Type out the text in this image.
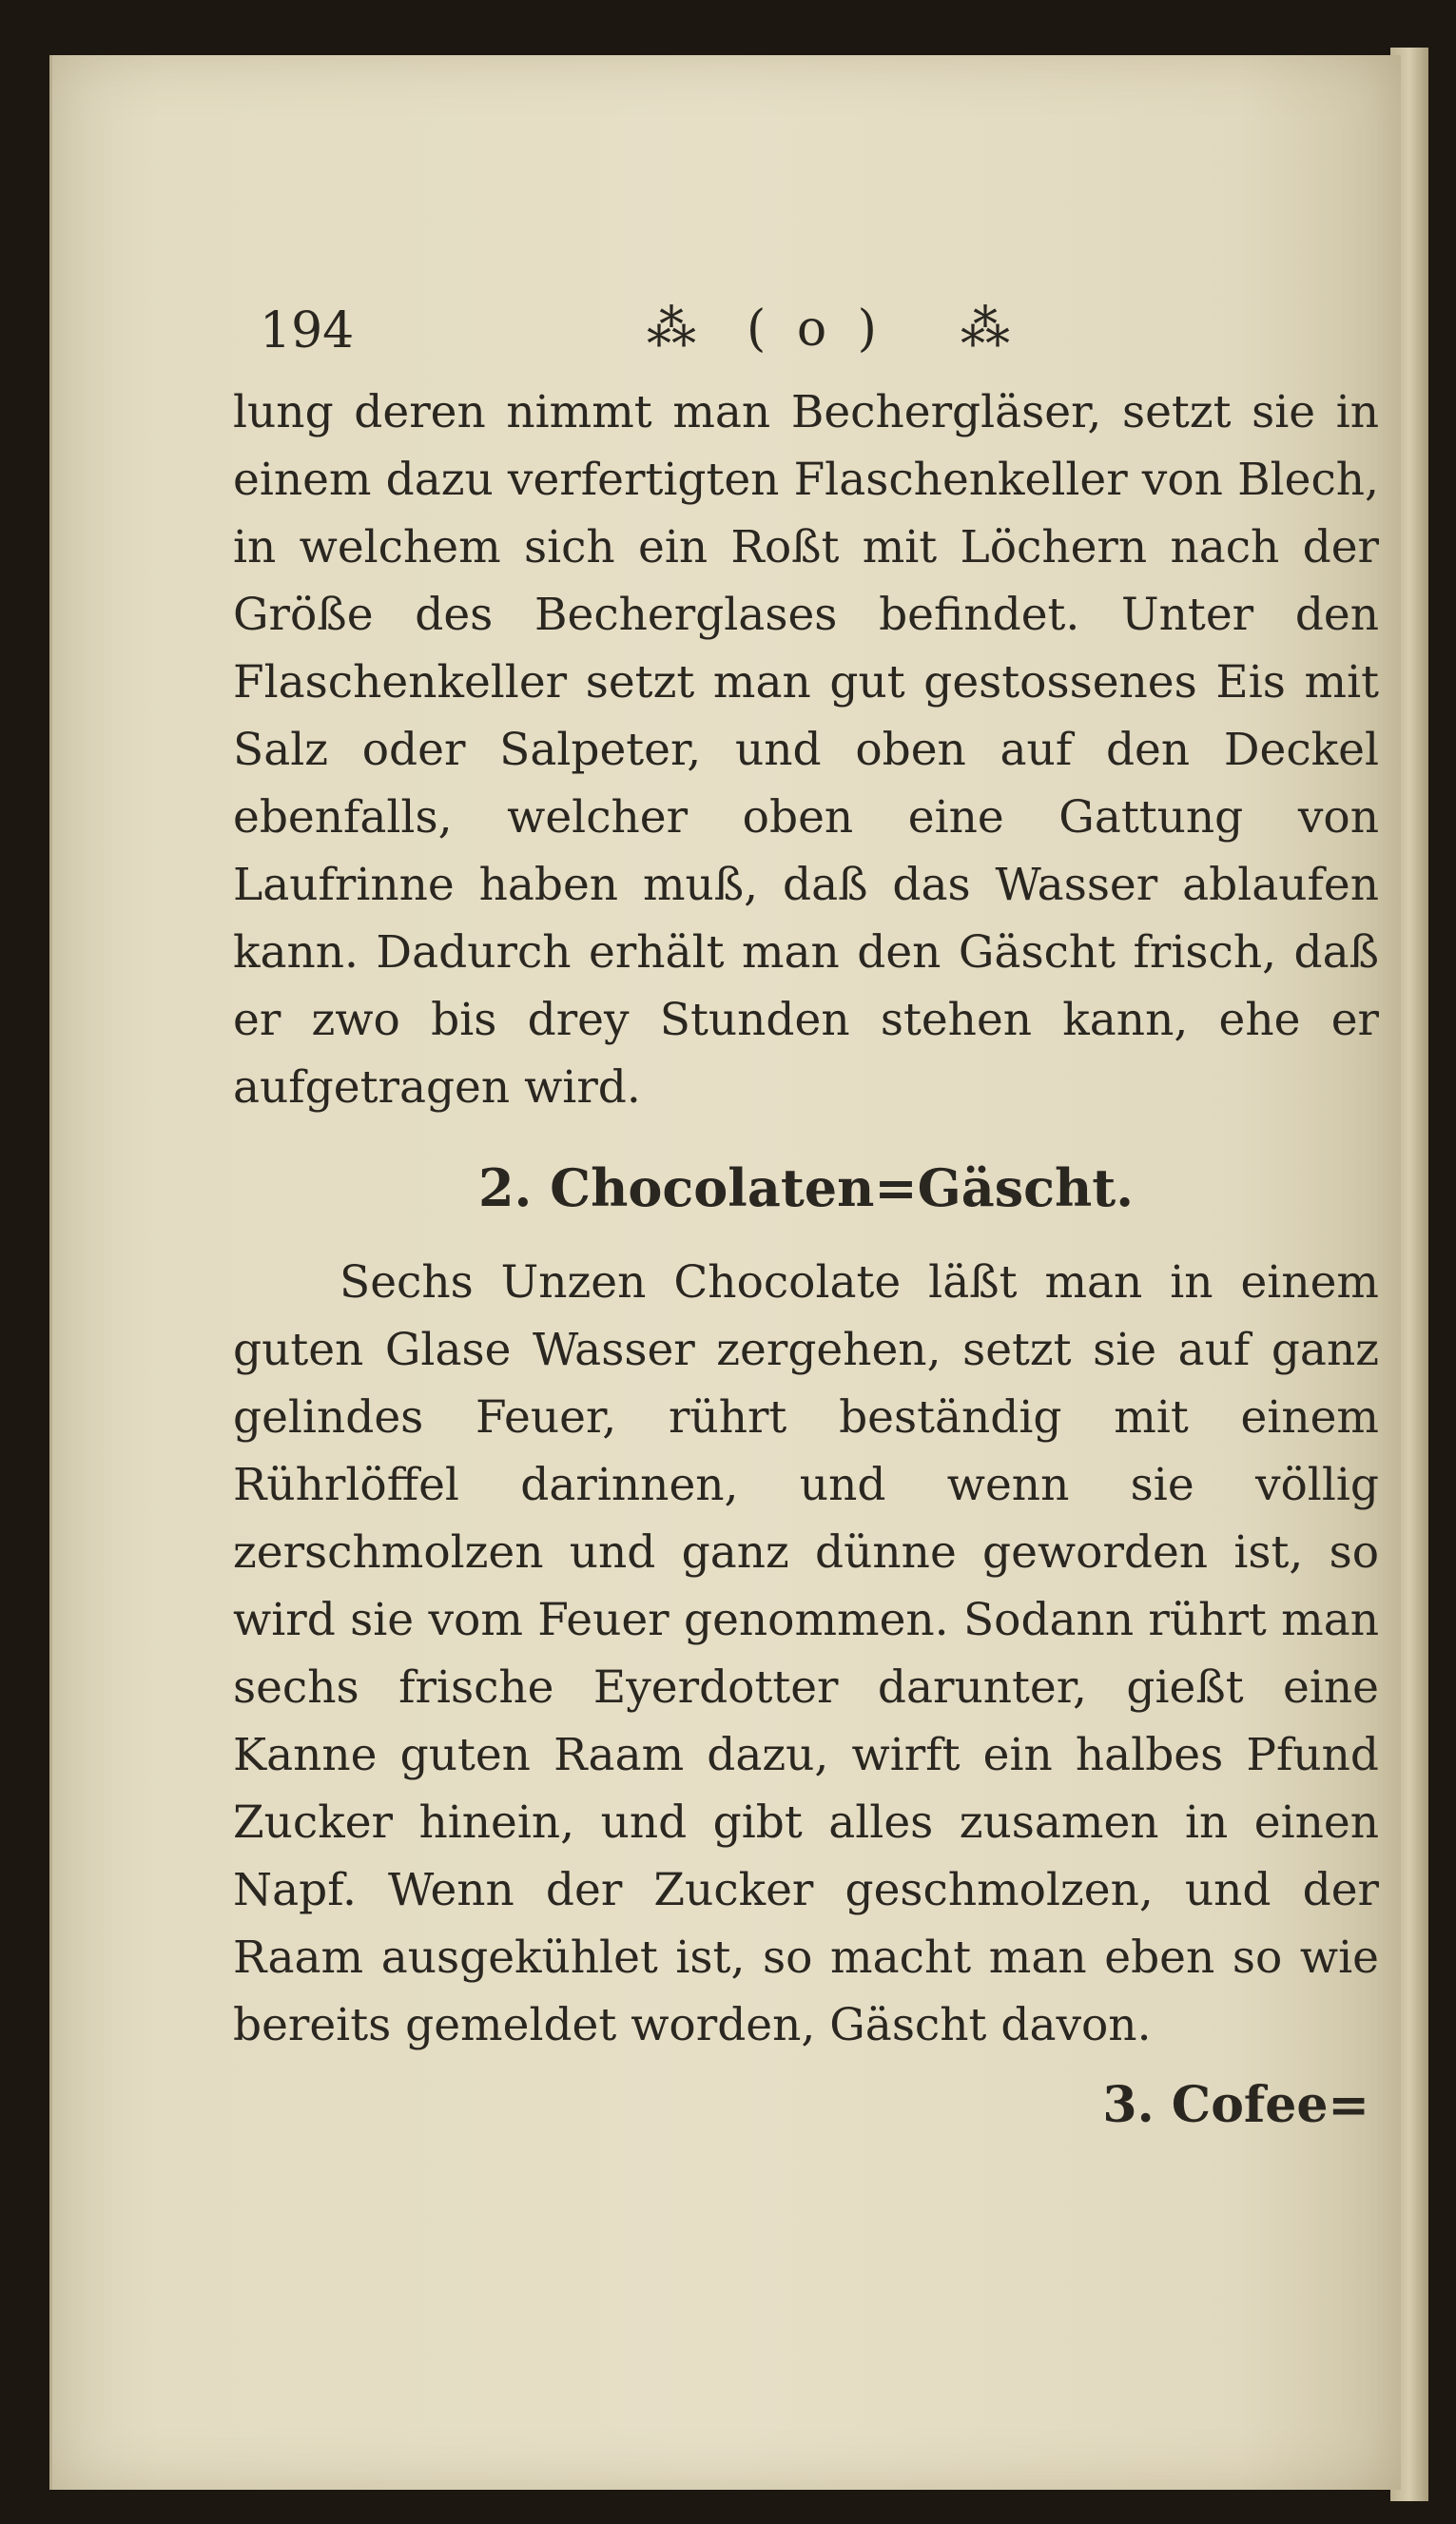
194	⁂ ( o ) ⁂

lung deren nimmt man Bechergläser, setzt sie in einem dazu verfertigten Flaschenkeller von Blech, in welchem sich ein Roßt mit Löchern nach der Größe des Becherglases befindet. Unter den Flaschenkeller setzt man gut gestossenes Eis mit Salz oder Salpeter, und oben auf den Deckel ebenfalls, welcher oben eine Gattung von Laufrinne haben muß, daß das Wasser ablaufen kann. Dadurch erhält man den Gäscht frisch, daß er zwo bis drey Stunden stehen kann, ehe er aufgetragen wird.

2. Chocolaten=Gäscht.

Sechs Unzen Chocolate läßt man in einem guten Glase Wasser zergehen, setzt sie auf ganz gelindes Feuer, rührt beständig mit einem Rührlöffel darinnen, und wenn sie völlig zerschmolzen und ganz dünne geworden ist, so wird sie vom Feuer genommen. Sodann rührt man sechs frische Eyerdotter darunter, gießt eine Kanne guten Raam dazu, wirft ein halbes Pfund Zucker hinein, und gibt alles zusamen in einen Napf. Wenn der Zucker geschmolzen, und der Raam ausgekühlet ist, so macht man eben so wie bereits gemeldet worden, Gäscht davon.

3. Cofee=
